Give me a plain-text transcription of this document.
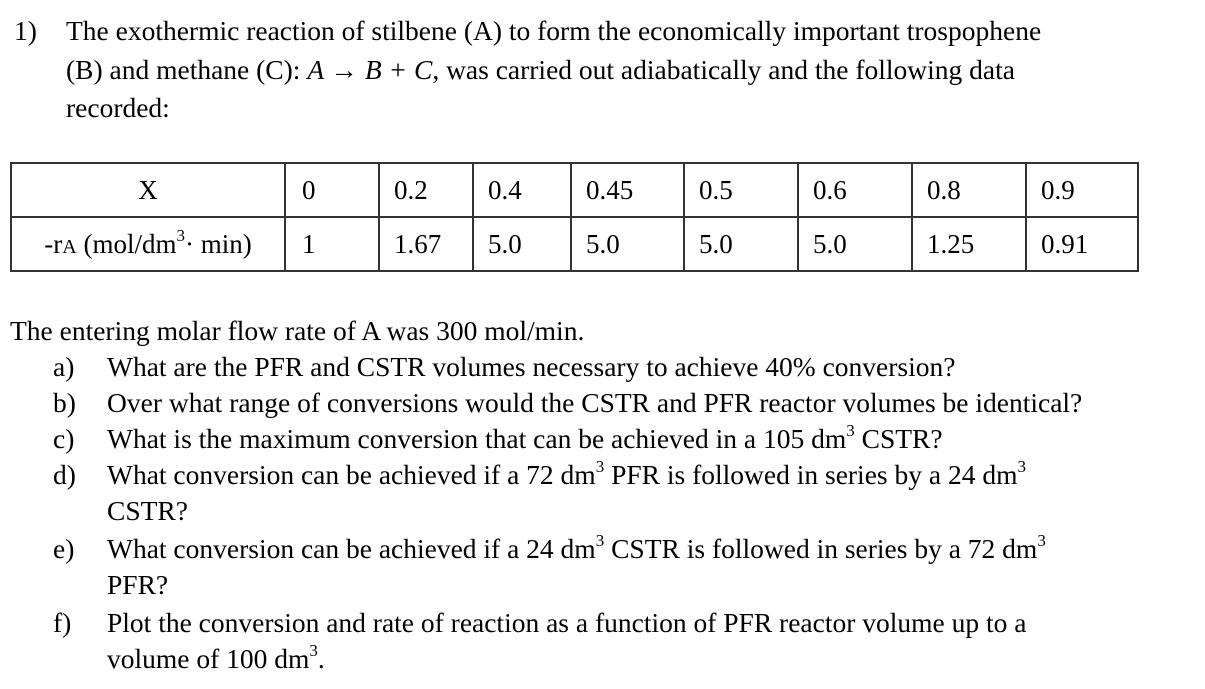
1) The exothermic reaction of stilbene (A) to form the economically important trospophene
(B) and methane (C): A → B + C, was carried out adiabatically and the following data
recorded:
X	0	0.2	0.4	0.45	0.5	0.6	0.8	0.9
-rA $(mol/dm^3\cdot \min)$	1	1.67	5.0	5.0	5.0	5.0	1.25	0.91
The entering molar flow rate of A was 300 mol/min.
a) What are the PFR and CSTR volumes necessary to achieve 40% conversion?
b) Over what range of conversions would the CSTR and PFR reactor volumes be identical?
c) What is the maximum conversion that can be achieved in a 105 $dm^3$ CSTR?
d) What conversion can be achieved if a 72 $dm^3$ PFR is followed in series by a 24 $dm^3$
CSTR?
e) What conversion can be achieved if a 24 $dm^3$ CSTR is followed in series by a 72 $dm^3$
PFR?
f) Plot the conversion and rate of reaction as a function of PFR reactor volume up to a
volume of 100 $dm^3$.
